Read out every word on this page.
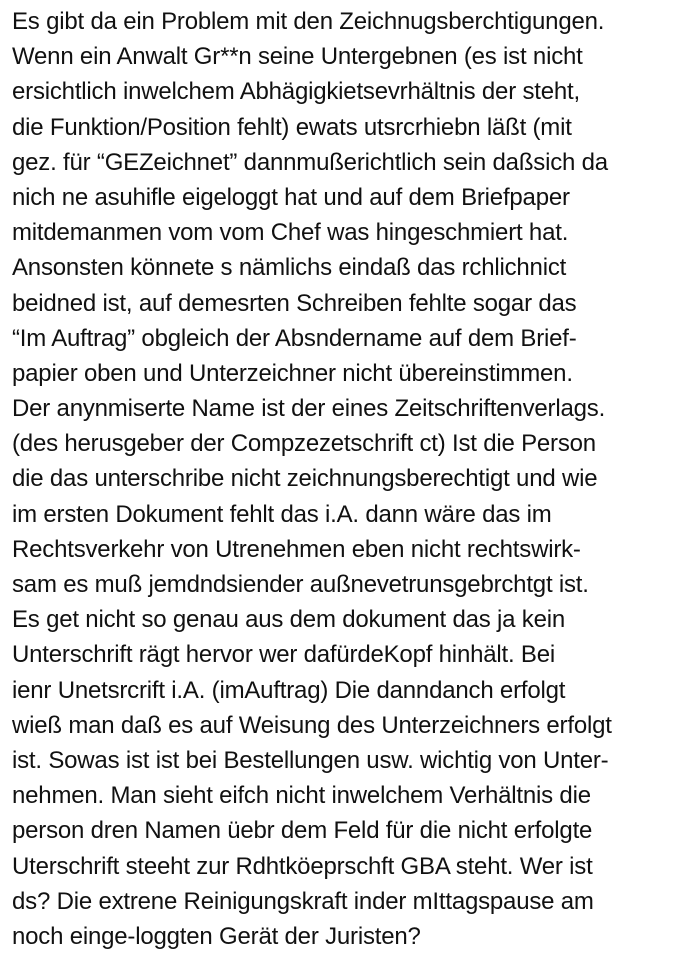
Es gibt da ein Problem mit den Zeichnugsberchtigungen.
Wenn ein Anwalt Gr**n seine Untergebnen (es ist nicht
ersichtlich inwelchem Abhägigkietsevrhältnis der steht,
die Funktion/Position fehlt) ewats utsrcrhiebn läßt (mit
gez. für “GEZeichnet” dannmußerichtlich sein daßsich da
nich ne asuhifle eigeloggt hat und auf dem Briefpaper
mitdemanmen vom vom Chef was hingeschmiert hat.
Ansonsten könnete s nämlichs eindaß das rchlichnict
beidned ist, auf demesrten Schreiben fehlte sogar das
“Im Auftrag” obgleich der Absndername auf dem Brief-
papier oben und Unterzeichner nicht übereinstimmen.
Der anynmiserte Name ist der eines Zeitschriftenverlags.
(des herusgeber der Compzezetschrift ct) Ist die Person
die das unterschribe nicht zeichnungsberechtigt und wie
im ersten Dokument fehlt das i.A. dann wäre das im
Rechtsverkehr von Utrenehmen eben nicht rechtswirk-
sam es muß jemdndsiender außnevetrunsgebrchtgt ist.
Es get nicht so genau aus dem dokument das ja kein
Unterschrift rägt hervor wer dafürdeKopf hinhält. Bei
ienr Unetsrcrift i.A. (imAuftrag) Die danndanch erfolgt
wieß man daß es auf Weisung des Unterzeichners erfolgt
ist. Sowas ist ist bei Bestellungen usw. wichtig von Unter-
nehmen. Man sieht eifch nicht inwelchem Verhältnis die
person dren Namen üebr dem Feld für die nicht erfolgte
Uterschrift steeht zur Rdhtköeprschft GBA steht. Wer ist
ds? Die extrene Reinigungskraft inder mIttagspause am
noch einge-loggten Gerät der Juristen?
